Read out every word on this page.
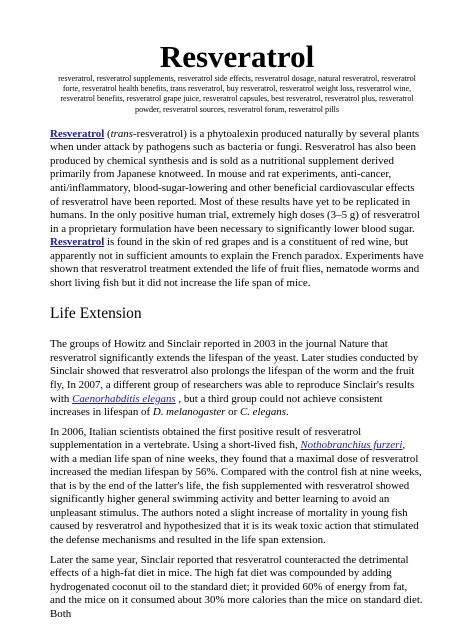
Resveratrol

resveratrol, resveratrol supplements, resveratrol side effects, resveratrol dosage, natural resveratrol, resveratrol forte, resveratrol health benefits, trans resveratrol, buy resveratrol, resveratrol weight loss, resveratrol wine, resveratrol benefits, resveratrol grape juice, resveratrol capsules, best resveratrol, resveratrol plus, resveratrol powder, resveratrol sources, resveratrol forum, resveratrol pills

Resveratrol (trans-resveratrol) is a phytoalexin produced naturally by several plants when under attack by pathogens such as bacteria or fungi. Resveratrol has also been produced by chemical synthesis and is sold as a nutritional supplement derived primarily from Japanese knotweed. In mouse and rat experiments, anti-cancer, anti/inflammatory, blood-sugar-lowering and other beneficial cardiovascular effects of resveratrol have been reported. Most of these results have yet to be replicated in humans. In the only positive human trial, extremely high doses (3–5 g) of resveratrol in a proprietary formulation have been necessary to significantly lower blood sugar. Resveratrol is found in the skin of red grapes and is a constituent of red wine, but apparently not in sufficient amounts to explain the French paradox. Experiments have shown that resveratrol treatment extended the life of fruit flies, nematode worms and short living fish but it did not increase the life span of mice.

Life Extension

The groups of Howitz and Sinclair reported in 2003 in the journal Nature that resveratrol significantly extends the lifespan of the yeast. Later studies conducted by Sinclair showed that resveratrol also prolongs the lifespan of the worm and the fruit fly, In 2007, a different group of researchers was able to reproduce Sinclair's results with Caenorhabditis elegans , but a third group could not achieve consistent increases in lifespan of D. melanogaster or C. elegans.

In 2006, Italian scientists obtained the first positive result of resveratrol supplementation in a vertebrate. Using a short-lived fish, Nothobranchius furzeri, with a median life span of nine weeks, they found that a maximal dose of resveratrol increased the median lifespan by 56%. Compared with the control fish at nine weeks, that is by the end of the latter's life, the fish supplemented with resveratrol showed significantly higher general swimming activity and better learning to avoid an unpleasant stimulus. The authors noted a slight increase of mortality in young fish caused by resveratrol and hypothesized that it is its weak toxic action that stimulated the defense mechanisms and resulted in the life span extension.

Later the same year, Sinclair reported that resveratrol counteracted the detrimental effects of a high-fat diet in mice. The high fat diet was compounded by adding hydrogenated coconut oil to the standard diet; it provided 60% of energy from fat, and the mice on it consumed about 30% more calories than the mice on standard diet. Both
